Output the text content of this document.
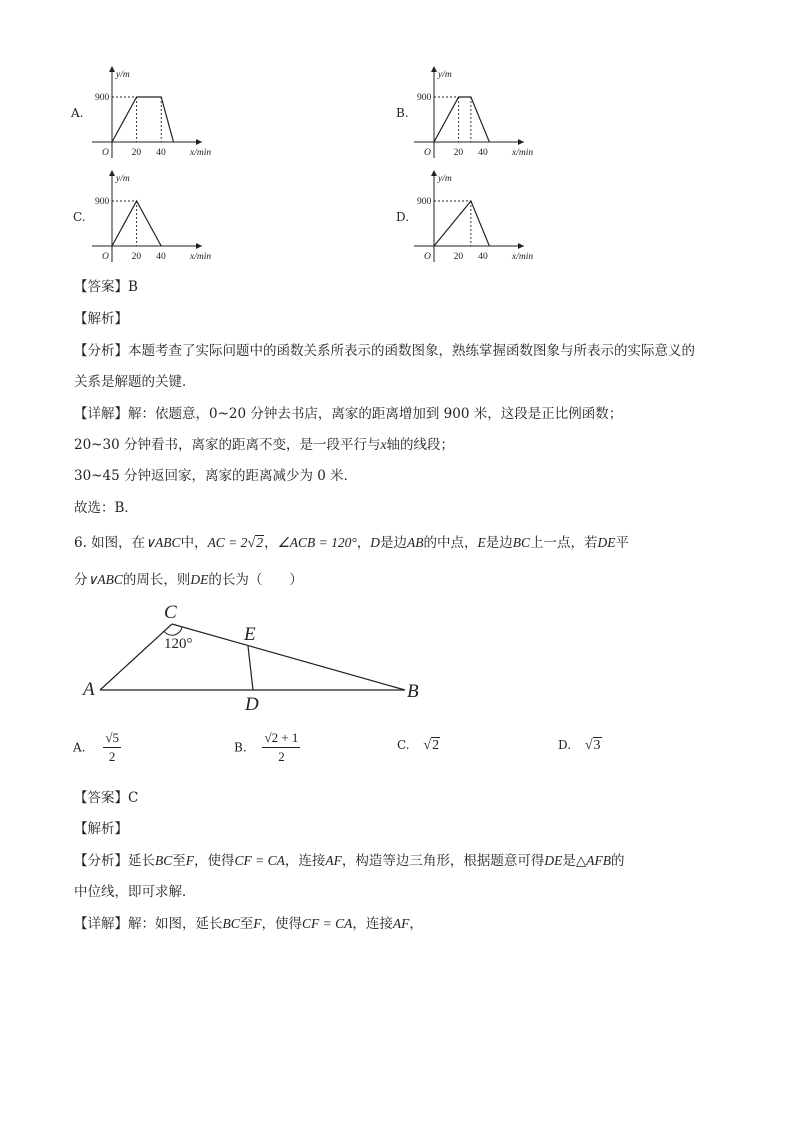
A.
y/m
x/min
900
O 20 40
B.
y/m
x/min
900
O 20 40
C.
y/m
x/min
900
O 20 40
D.
y/m
x/min
900
O 20 40
【答案】B
【解析】
【分析】本题考查了实际问题中的函数关系所表示的函数图象，熟练掌握函数图象与所表示的实际意义的
关系是解题的关键．
【详解】解：依题意，0~20 分钟去书店，离家的距离增加到 900 米，这段是正比例函数；
20~30 分钟看书，离家的距离不变，是一段平行与x轴的线段；
30~45 分钟返回家，离家的距离减少为 0 米．
故选：B．
6. 如图，在∨ABC中，AC = 2√2，∠ACB = 120°，D是边AB的中点，E是边BC上一点，若DE平
分∨ABC的周长，则DE的长为（　　）
C
A	B
D
E
120°
A. $\frac{√5}{2}$	B. $\frac{√2 + 1}{2}$	C. √2	D. √3
【答案】C
【解析】
【分析】延长BC至F，使得CF = CA，连接AF，构造等边三角形，根据题意可得DE是△AFB的
中位线，即可求解．
【详解】解：如图，延长BC至F，使得CF = CA，连接AF，
